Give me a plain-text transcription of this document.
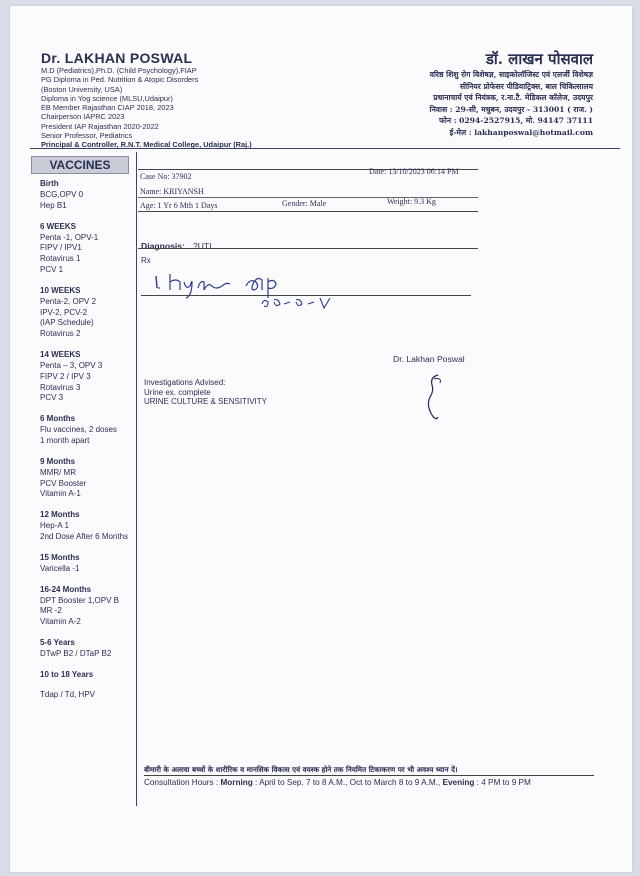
Dr. LAKHAN POSWAL
M.D (Pediatrics),Ph.D. (Child Psychology),FIAP
PG Diploma in Ped. Nutrition & Atopic Disorders
(Boston University, USA)
Diploma in Yog science (MLSU,Udaipur)
EB Member Rajasthan CIAP 2018, 2023
Chairperson IAPRC 2023
President IAP Rajasthan 2020-2022
Senior Professor, Pediatrics
Principal & Controller, R.N.T. Medical College, Udaipur (Raj.)
डॉ. लाखन पोसवाल
वरिष्ठ शिशु रोग विशेषज्ञ, साइकोलॉजिस्ट एवं एलर्जी विशेषज्ञ
सीनियर प्रोफेसर पीडियाट्रिक्स, बाल चिकित्सालय
प्रधानाचार्य एवं नियंत्रक, र.ना.टै. मेडिकल कॉलेज, उदयपुर
निवास : 29-सी, मधुबन, उदयपुर - 313001 ( राज. )
फोन : 0294-2527915, मो. 94147 37111
ई-मेल : lakhanposwal@hotmail.com
VACCINES
Birth
BCG,OPV 0
Hep B1
6 WEEKS
Penta -1, OPV-1
FIPV / IPV1
Rotavirus 1
PCV 1
10 WEEKS
Penta-2, OPV 2
IPV-2, PCV-2
(IAP Schedule)
Rotavirus 2
14 WEEKS
Penta – 3, OPV 3
FIPV 2 / IPV 3
Rotavirus 3
PCV 3
6 Months
Flu vaccines, 2 doses
1 month apart
9 Months
MMR/ MR
PCV Booster
Vitamin A-1
12 Months
Hep-A 1
2nd Dose After 6 Months
15 Months
Varicella -1
16-24 Months
DPT Booster 1,OPV B
MR -2
Vitamin A-2
5-6 Years
DTwP B2 / DTaP B2
10 to 18 Years
Tdap / Td, HPV
Case No: 37902
Date: 13/10/2023 06:14 PM
Name: KRIYANSH
Age: 1 Yr 6 Mth 1 Days	Gender: Male	Weight: 9.3 Kg
Diagnosis: ?UTI
Rx
Dr. Lakhan Poswal
Investigations Advised:
Urine ex. complete
URINE CULTURE & SENSITIVITY
बीमारी के अलावा बच्चों के शारीरिक व मानसिक विकास एवं वयस्क होने तक नियमित टिकाकरण पर भी अवश्य ध्यान दें।
Consultation Hours : Morning : April to Sep. 7 to 8 A.M., Oct to March 8 to 9 A.M., Evening : 4 PM to 9 PM
